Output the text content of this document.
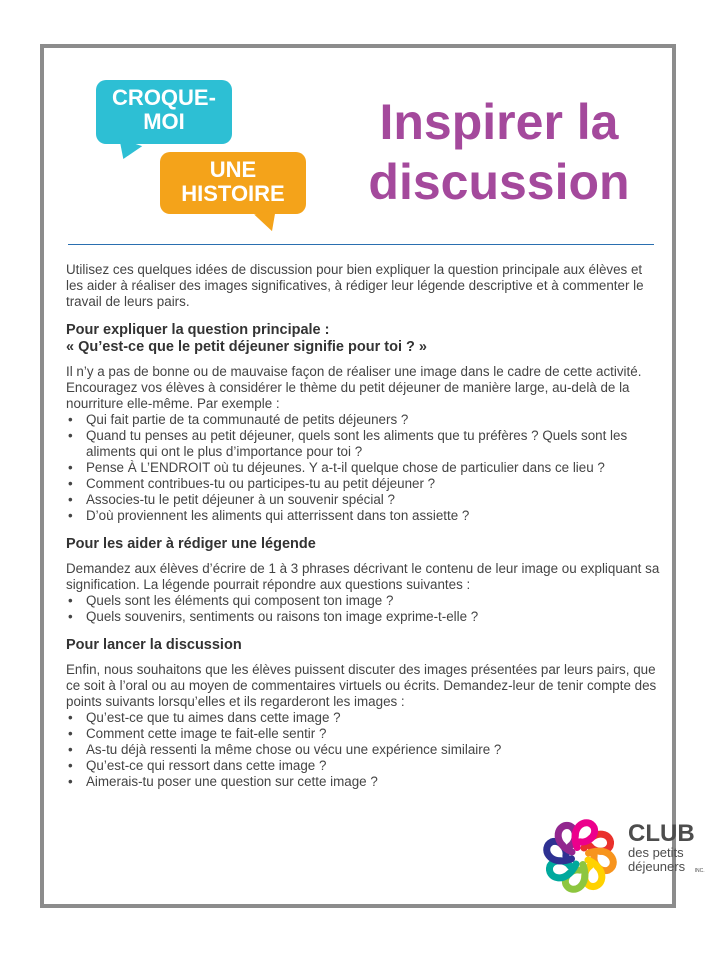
CROQUE-
MOI
UNE
HISTOIRE
Inspirer la
discussion

Utilisez ces quelques idées de discussion pour bien expliquer la question principale aux élèves et les aider à réaliser des images significatives, à rédiger leur légende descriptive et à commenter le travail de leurs pairs.

Pour expliquer la question principale :
« Qu’est-ce que le petit déjeuner signifie pour toi ? »

Il n’y a pas de bonne ou de mauvaise façon de réaliser une image dans le cadre de cette activité. Encouragez vos élèves à considérer le thème du petit déjeuner de manière large, au-delà de la nourriture elle-même. Par exemple :

• Qui fait partie de ta communauté de petits déjeuners ?
• Quand tu penses au petit déjeuner, quels sont les aliments que tu préfères ? Quels sont les aliments qui ont le plus d’importance pour toi ?
• Pense À L’ENDROIT où tu déjeunes. Y a-t-il quelque chose de particulier dans ce lieu ?
• Comment contribues-tu ou participes-tu au petit déjeuner ?
• Associes-tu le petit déjeuner à un souvenir spécial ?
• D’où proviennent les aliments qui atterrissent dans ton assiette ?
Pour les aider à rédiger une légende

Demandez aux élèves d’écrire de 1 à 3 phrases décrivant le contenu de leur image ou expliquant sa signification. La légende pourrait répondre aux questions suivantes :

• Quels sont les éléments qui composent ton image ?
• Quels souvenirs, sentiments ou raisons ton image exprime-t-elle ?
Pour lancer la discussion

Enfin, nous souhaitons que les élèves puissent discuter des images présentées par leurs pairs, que ce soit à l’oral ou au moyen de commentaires virtuels ou écrits. Demandez-leur de tenir compte des points suivants lorsqu’elles et ils regarderont les images :

• Qu’est-ce que tu aimes dans cette image ?
• Comment cette image te fait-elle sentir ?
• As-tu déjà ressenti la même chose ou vécu une expérience similaire ?
• Qu’est-ce qui ressort dans cette image ?
• Aimerais-tu poser une question sur cette image ?
CLUB
des petits
déjeuners	INC.
